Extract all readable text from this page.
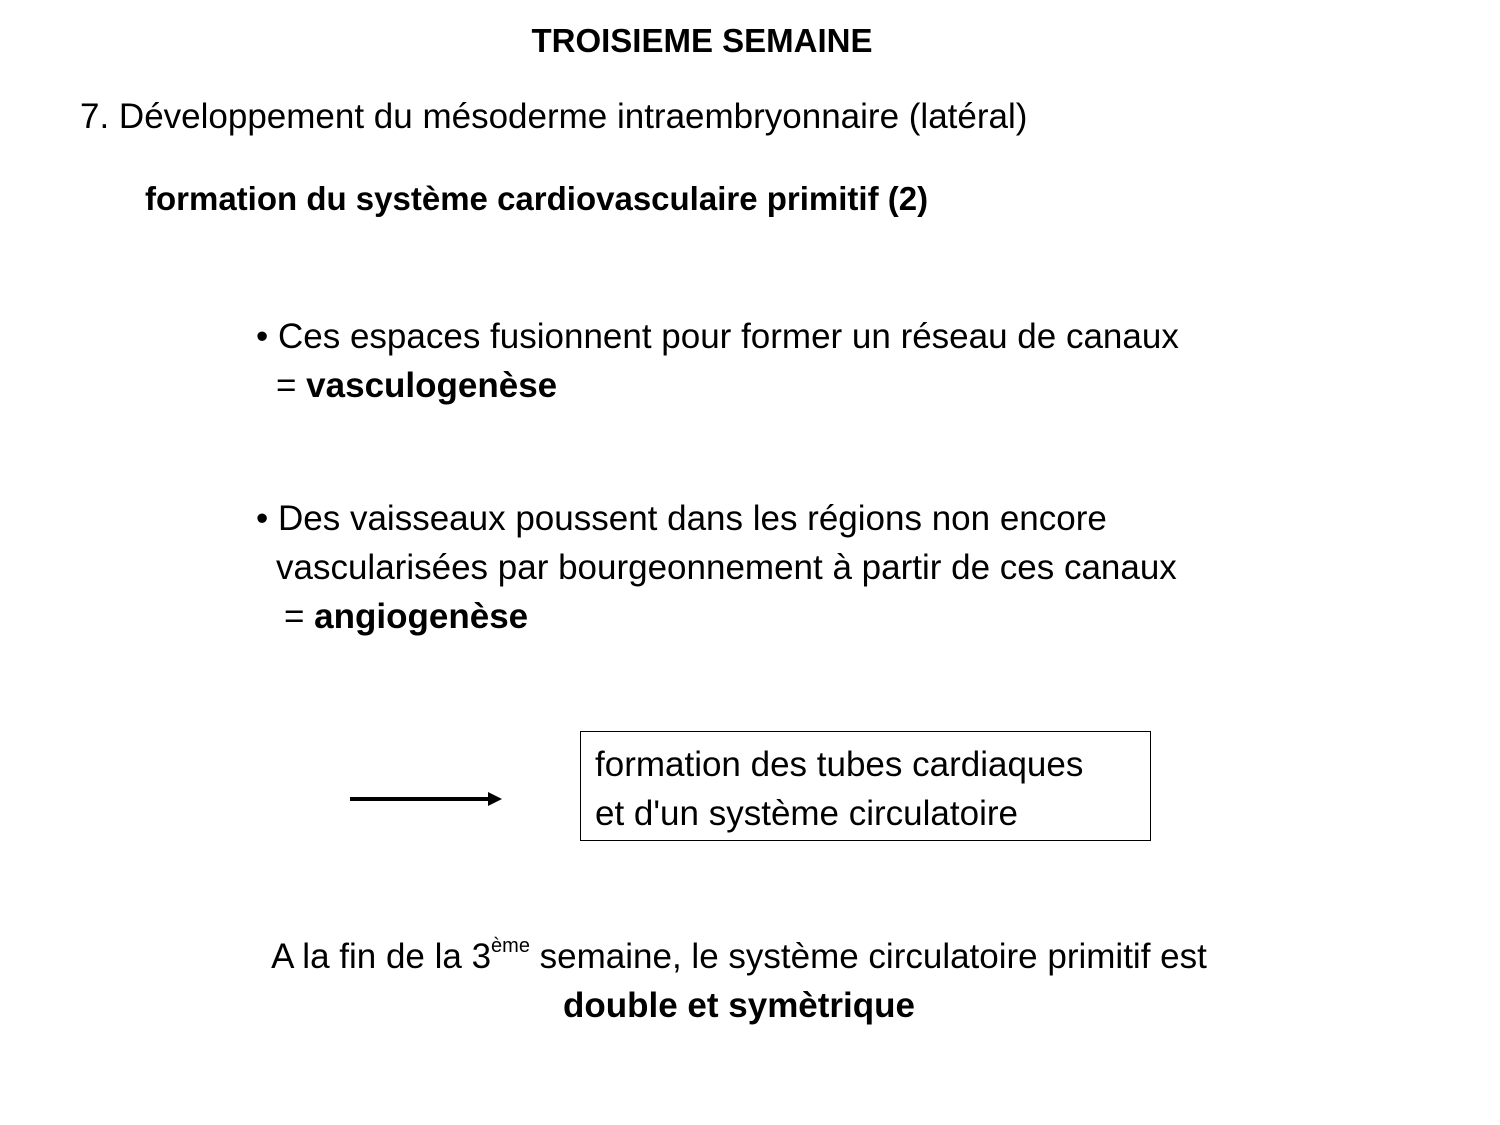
TROISIEME SEMAINE
7. Développement du mésoderme intraembryonnaire (latéral)
formation du système cardiovasculaire primitif (2)
• Ces espaces fusionnent pour former un réseau de canaux
= vasculogenèse
• Des vaisseaux poussent dans les régions non encore
vascularisées par bourgeonnement à partir de ces canaux
= angiogenèse
formation des tubes cardiaques
et d'un système circulatoire
A la fin de la 3ème semaine, le système circulatoire primitif est
double et symètrique
